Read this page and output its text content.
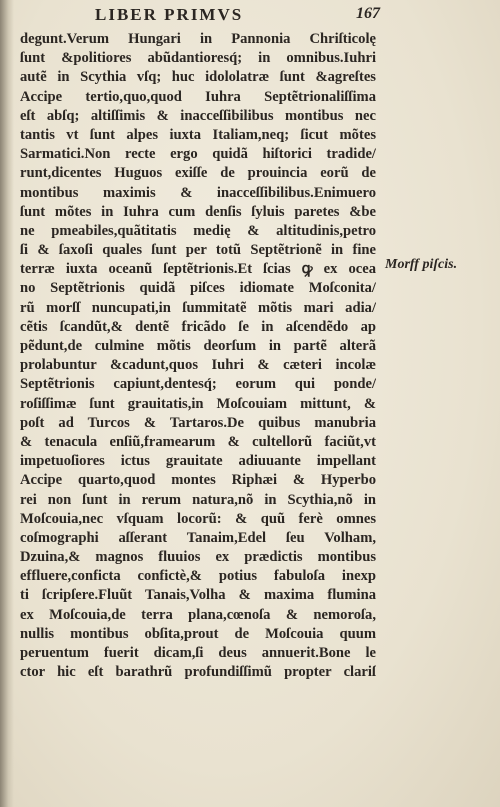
LIBER PRIMVS	167
degunt.Verum Hungari in Pannonia Chriſticolę
ſunt &politiores abũdantioresq́; in omnibus.Iuhri
autẽ in Scythia vſq; huc idololatræ ſunt &agreſtes
Accipe tertio,quo,quod Iuhra Septẽtrionaliſſima
eſt abſq; altiſſimis & inacceſſibilibus montibus nec
tantis vt ſunt alpes iuxta Italiam,neq; ſicut mõtes
Sarmatici.Non recte ergo quidã hiſtorici tradide/
runt,dicentes Huguos exiſſe de prouincia eorũ de
montibus maximis & inacceſſibilibus.Enimuero
ſunt mõtes in Iuhra cum denſis ſyluis paretes &be
ne pmeabiles,quãtitatis medię & altitudinis,petro
ſi & ſaxoſi quales ſunt per totũ Septẽtrionẽ in fine
terræ iuxta oceanũ ſeptẽtrionis.Et ſcias ꝙ ex ocea
no Septẽtrionis quidã piſces idiomate Moſconita/
rũ morſſ nuncupati,in ſummitatẽ mõtis mari adia/
cẽtis ſcandũt,& dentẽ fricãdo ſe in aſcendẽdo ap
pẽdunt,de culmine mõtis deorſum in partẽ alterã
prolabuntur &cadunt,quos Iuhri & cæteri incolæ
Septẽtrionis capiunt,dentesq́; eorum qui ponde/
roſiſſimæ ſunt grauitatis,in Moſcouiam mittunt, &
poſt ad Turcos & Tartaros.De quibus manubria
& tenacula enſiũ,framearum & cultellorũ faciũt,vt
impetuoſiores ictus grauitate adiuuante impellant
Accipe quarto,quod montes Riphæi & Hyperbo
rei non ſunt in rerum natura,nõ in Scythia,nõ in
Moſcouia,nec vſquam locorũ: & quũ ferè omnes
coſmographi aſſerant Tanaim,Edel ſeu Volham,
Dzuina,& magnos fluuios ex prædictis montibus
effluere,conficta confictè,& potius fabuloſa inexp
ti ſcripſere.Fluũt Tanais,Volha & maxima flumina
ex Moſcouia,de terra plana,cœnoſa & nemoroſa,
nullis montibus obſita,prout de Moſcouia quum
peruentum fuerit dicam,ſi deus annuerit.Bone le
ctor hic eſt barathrũ profundiſſimũ propter clariſ
Morff piſcis.
